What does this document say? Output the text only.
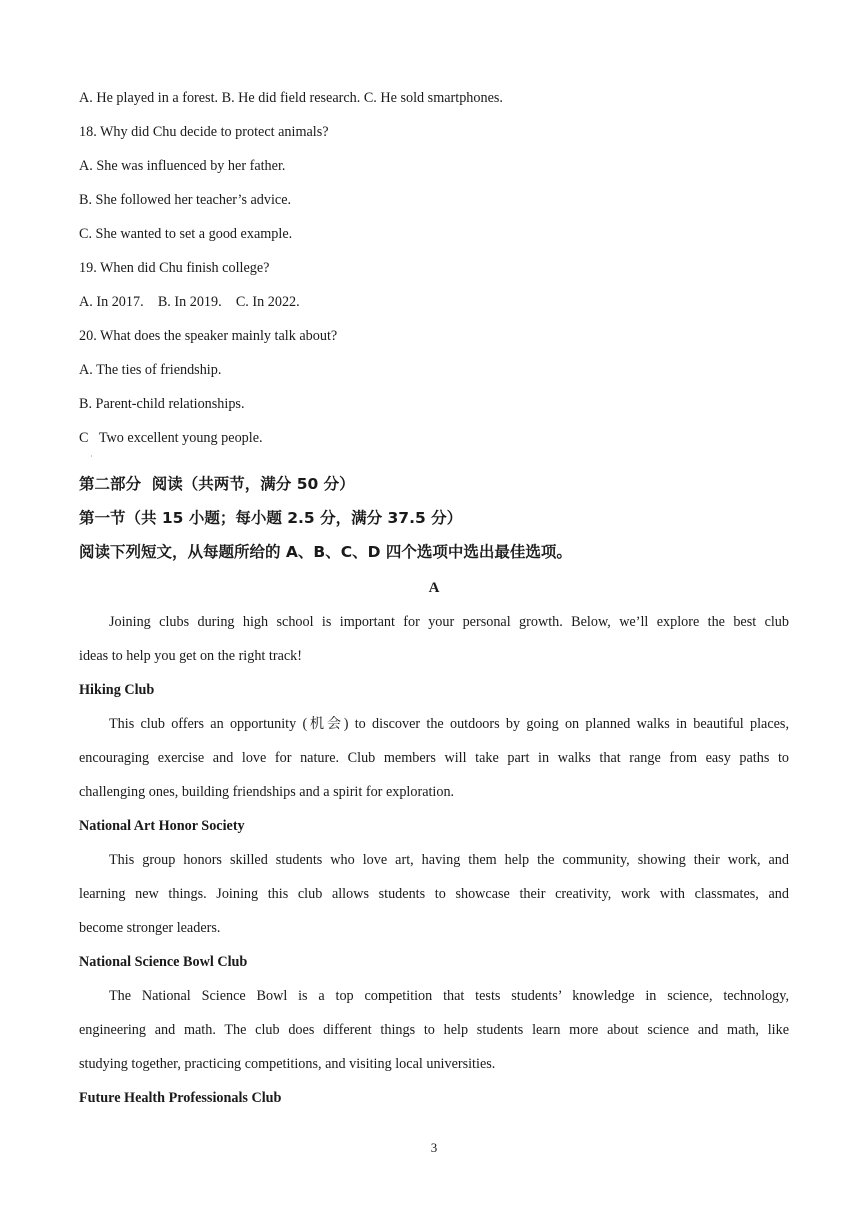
A. He played in a forest. B. He did field research. C. He sold smartphones.
18. Why did Chu decide to protect animals?
A. She was influenced by her father.
B. She followed her teacher’s advice.
C. She wanted to set a good example.
19. When did Chu finish college?
A. In 2017.    B. In 2019.    C. In 2022.
20. What does the speaker mainly talk about?
A. The ties of friendship.
B. Parent-child relationships.
C   Two excellent young people.
·
第二部分  阅读（共两节，满分 50 分）
第一节（共 15 小题；每小题 2.5 分，满分 37.5 分）
阅读下列短文，从每题所给的 A、B、C、D 四个选项中选出最佳选项。
A
Joining clubs during high school is important for your personal growth. Below, we’ll explore the best club
ideas to help you get on the right track!
Hiking Club
This club offers an opportunity (机会) to discover the outdoors by going on planned walks in beautiful places,
encouraging exercise and love for nature. Club members will take part in walks that range from easy paths to
challenging ones, building friendships and a spirit for exploration.
National Art Honor Society
This group honors skilled students who love art, having them help the community, showing their work, and
learning new things. Joining this club allows students to showcase their creativity, work with classmates, and
become stronger leaders.
National Science Bowl Club
The National Science Bowl is a top competition that tests students’ knowledge in science, technology,
engineering and math. The club does different things to help students learn more about science and math, like
studying together, practicing competitions, and visiting local universities.
Future Health Professionals Club
3
